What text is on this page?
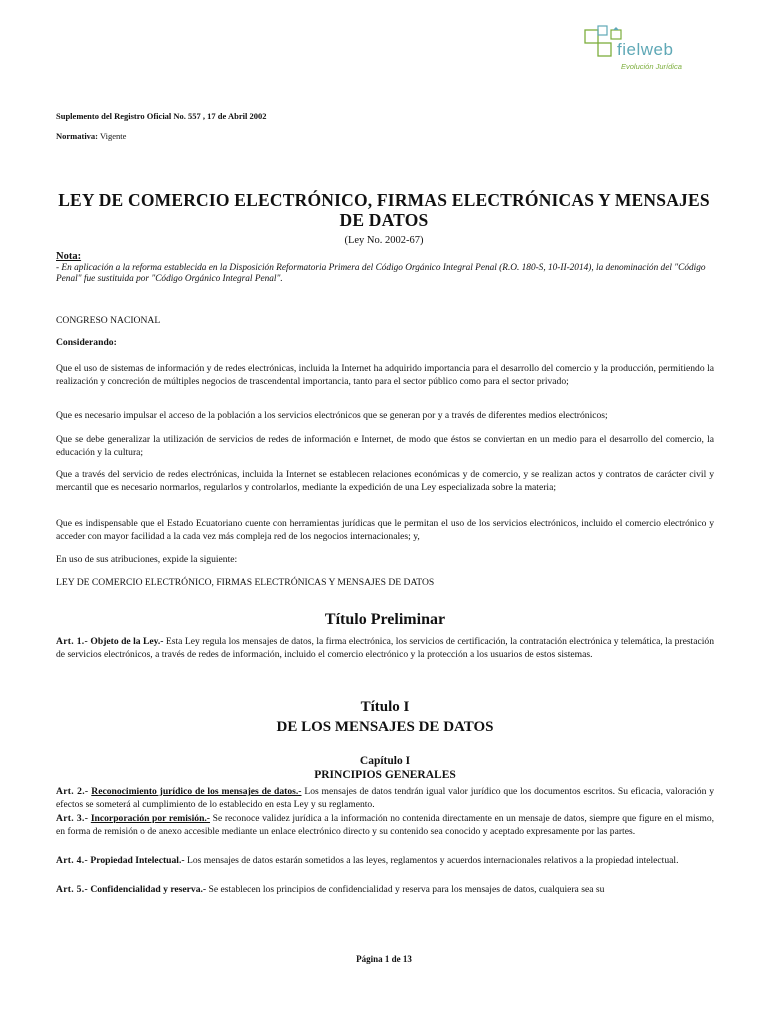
fielweb
Evolución Jurídica
Suplemento del Registro Oficial No. 557 , 17 de Abril 2002
Normativa: Vigente
LEY DE COMERCIO ELECTRÓNICO, FIRMAS ELECTRÓNICAS Y MENSAJES
DE DATOS
(Ley No. 2002-67)
Nota:
- En aplicación a la reforma establecida en la Disposición Reformatoria Primera del Código Orgánico Integral Penal (R.O. 180-S, 10-II-2014), la denominación del "Código Penal" fue sustituida por "Código Orgánico Integral Penal".
CONGRESO NACIONAL
Considerando:
Que el uso de sistemas de información y de redes electrónicas, incluida la Internet ha adquirido importancia para el desarrollo del comercio y la producción, permitiendo la realización y concreción de múltiples negocios de trascendental importancia, tanto para el sector público como para el sector privado;
Que es necesario impulsar el acceso de la población a los servicios electrónicos que se generan por y a través de diferentes medios electrónicos;
Que se debe generalizar la utilización de servicios de redes de información e Internet, de modo que éstos se conviertan en un medio para el desarrollo del comercio, la educación y la cultura;
Que a través del servicio de redes electrónicas, incluida la Internet se establecen relaciones económicas y de comercio, y se realizan actos y contratos de carácter civil y mercantil que es necesario normarlos, regularlos y controlarlos, mediante la expedición de una Ley especializada sobre la materia;
Que es indispensable que el Estado Ecuatoriano cuente con herramientas jurídicas que le permitan el uso de los servicios electrónicos, incluido el comercio electrónico y acceder con mayor facilidad a la cada vez más compleja red de los negocios internacionales; y,
En uso de sus atribuciones, expide la siguiente:
LEY DE COMERCIO ELECTRÓNICO, FIRMAS ELECTRÓNICAS Y MENSAJES DE DATOS
Título Preliminar
Art. 1.- Objeto de la Ley.- Esta Ley regula los mensajes de datos, la firma electrónica, los servicios de certificación, la contratación electrónica y telemática, la prestación de servicios electrónicos, a través de redes de información, incluido el comercio electrónico y la protección a los usuarios de estos sistemas.
Título I
DE LOS MENSAJES DE DATOS
Capítulo I
PRINCIPIOS GENERALES
Art. 2.- Reconocimiento jurídico de los mensajes de datos.- Los mensajes de datos tendrán igual valor jurídico que los documentos escritos. Su eficacia, valoración y efectos se someterá al cumplimiento de lo establecido en esta Ley y su reglamento.
Art. 3.- Incorporación por remisión.- Se reconoce validez jurídica a la información no contenida directamente en un mensaje de datos, siempre que figure en el mismo, en forma de remisión o de anexo accesible mediante un enlace electrónico directo y su contenido sea conocido y aceptado expresamente por las partes.
Art. 4.- Propiedad Intelectual.- Los mensajes de datos estarán sometidos a las leyes, reglamentos y acuerdos internacionales relativos a la propiedad intelectual.
Art. 5.- Confidencialidad y reserva.- Se establecen los principios de confidencialidad y reserva para los mensajes de datos, cualquiera sea su
Página 1 de 13
